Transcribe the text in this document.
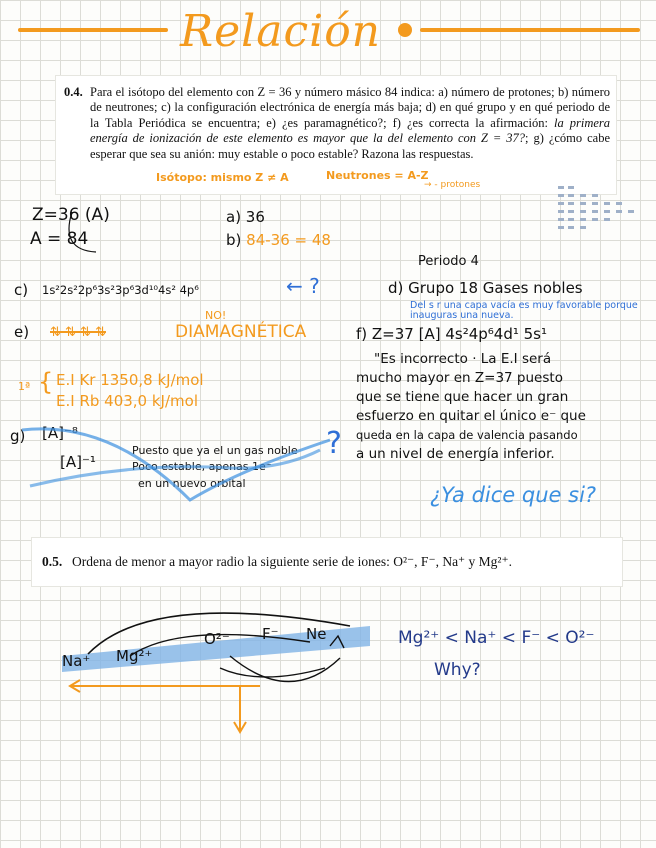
Relación
0.4. Para el isótopo del elemento con Z = 36 y número másico 84 indica: a) número de protones; b) número de neutrones; c) la configuración electrónica de energía más baja; d) en qué grupo y en qué periodo de la Tabla Periódica se encuentra; e) ¿es paramagnético?; f) ¿es correcta la afirmación: la primera energía de ionización de este elemento es mayor que la del elemento con Z = 37?; g) ¿cómo cabe esperar que sea su anión: muy estable o poco estable? Razona las respuestas.
Isótopo: mismo Z ≠ A	Neutrones = A-Z
→ - protones
Z=36 (A)
A = 84
a) 36
b) 84-36 = 48
Periodo 4
c) 1s²2s²2p⁶3s²3p⁶3d¹⁰4s² 4p⁶	← ?	d) Grupo 18 Gases nobles
NO!
e) ⇅ ⇅ ⇅ ⇅	DIAMAGNÉTICA
Del s r una capa vacía es muy favorable porque inauguras una nueva.
f) Z=37 [A] 4s²4p⁶4d¹ 5s¹
"Es incorrecto · La E.I será
mucho mayor en Z=37 puesto
que se tiene que hacer un gran
esfuerzo en quitar el único e⁻ que
queda en la capa de valencia pasando
a un nivel de energía inferior.
¿Ya dice que si?
1ª { E.I Kr 1350,8 kJ/mol
E.I Rb 403,0 kJ/mol
g) [A]⁻⁸
[A]⁻¹
Puesto que ya el un gas noble
Poco estable, apenas 1e⁻
en un nuevo orbital
?
0.5. Ordena de menor a mayor radio la siguiente serie de iones: O²⁻, F⁻, Na⁺ y Mg²⁺.
Na⁺ Mg²⁺
O²⁻ F⁻ Ne	Mg²⁺ < Na⁺ < F⁻ < O²⁻
Why?
